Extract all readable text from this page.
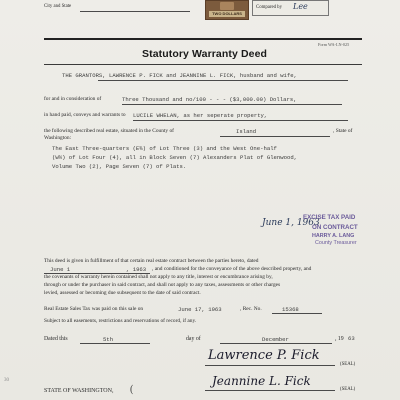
City and State
TWO DOLLARS
Compared by Lee
Form WA-LN-025
Statutory Warranty Deed
THE GRANTORS, LAWRENCE P. FICK and JEANNINE L. FICK, husband and wife,
for and in consideration of	Three Thousand and no/100 - - - ($3,000.00) Dollars,
in hand paid, conveys and warrants to LUCILE WHELAN, as her seperate property,
the following described real estate, situated in the County of	Island	, State of
Washington:
The East Three-quarters (E¾) of Lot Three (3) and the West One-half
(W½) of Lot Four (4), all in Block Seven (7) Alexanders Plat of Glenwood,
Volume Two (2), Page Seven (7) of Plats.
June 1, 1963
EXCISE TAX PAID
ON CONTRACT
HARRY A. LANG
County Treasurer
This deed is given in fulfillment of that certain real estate contract between the parties hereto, dated
June 1	, 1963 , and conditioned for the conveyance of the above described property, and
the covenants of warranty herein contained shall not apply to any title, interest or encumbrance arising by,
through or under the purchaser in said contract, and shall not apply to any taxes, assessments or other charges
levied, assessed or becoming due subsequent to the date of said contract.
Real Estate Sales Tax was paid on this sale on	June 17, 1963	, Rec. No.	15368
Subject to all easements, restrictions and reservations of record, if any.
Dated this	5th	day of	December	, 19 63
Lawrence P. Fick
(SEAL)
Jeannine L. Fick
(SEAL)
STATE OF WASHINGTON, (
30
